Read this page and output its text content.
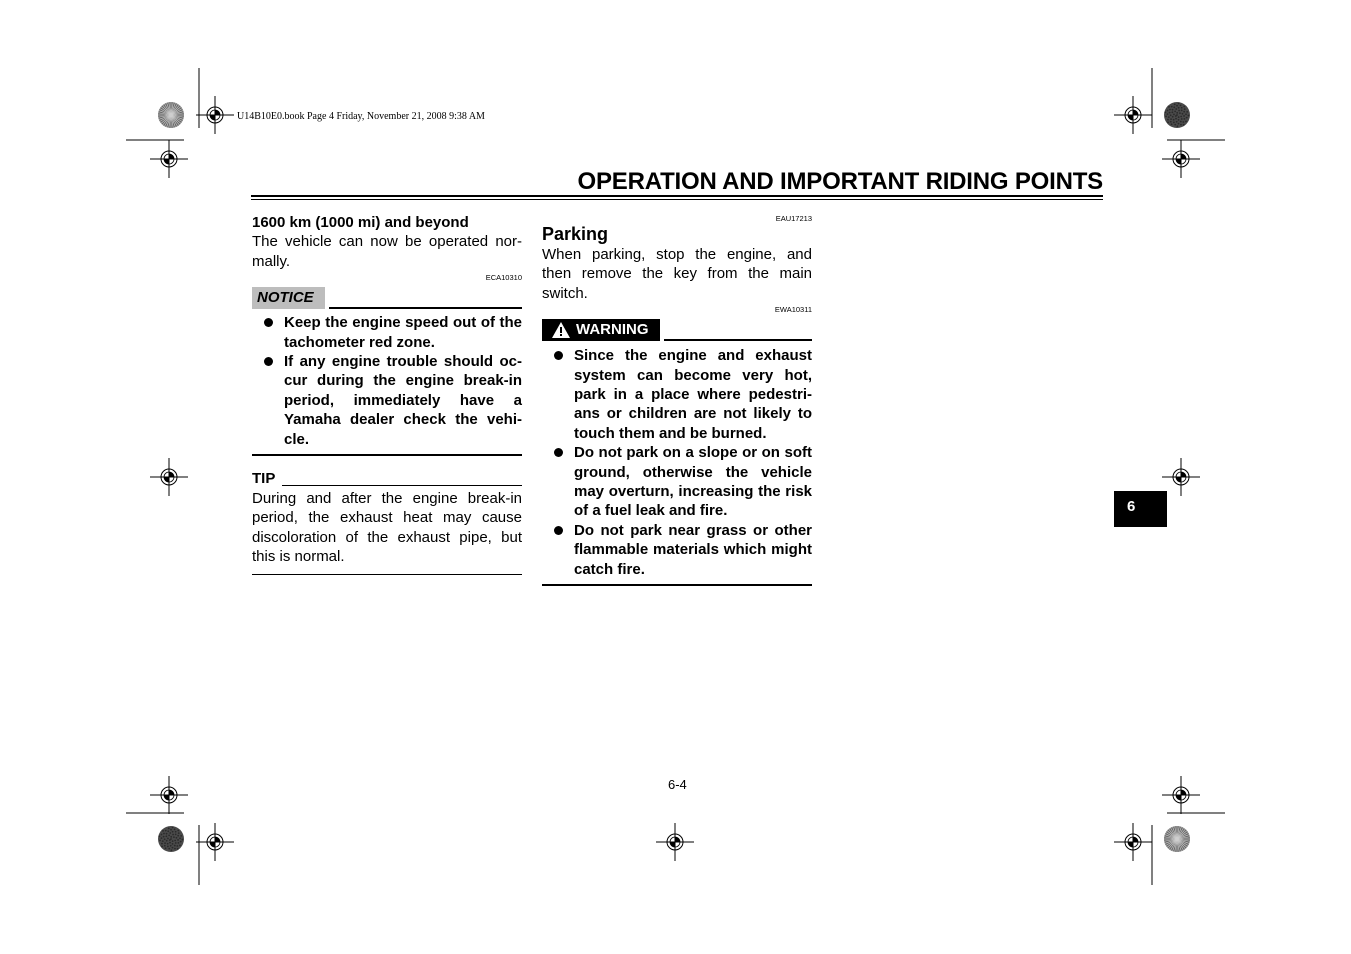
U14B10E0.book Page 4 Friday, November 21, 2008 9:38 AM
OPERATION AND IMPORTANT RIDING POINTS
1600 km (1000 mi) and beyond

The vehicle can now be operated nor-mally.

ECA10310
NOTICE
Keep the engine speed out of the tachometer red zone.
If any engine trouble should oc-cur during the engine break-in period, immediately have a Yamaha dealer check the vehi-cle.
TIP

During and after the engine break-in period, the exhaust heat may cause discoloration of the exhaust pipe, but this is normal.

EAU17213
Parking

When parking, stop the engine, and then remove the key from the main switch.

EWA10311
WARNING
Since the engine and exhaust system can become very hot, park in a place where pedestri-ans or children are not likely to touch them and be burned.
Do not park on a slope or on soft ground, otherwise the vehicle may overturn, increasing the risk of a fuel leak and fire.
Do not park near grass or other flammable materials which might catch fire.
6
6-4
